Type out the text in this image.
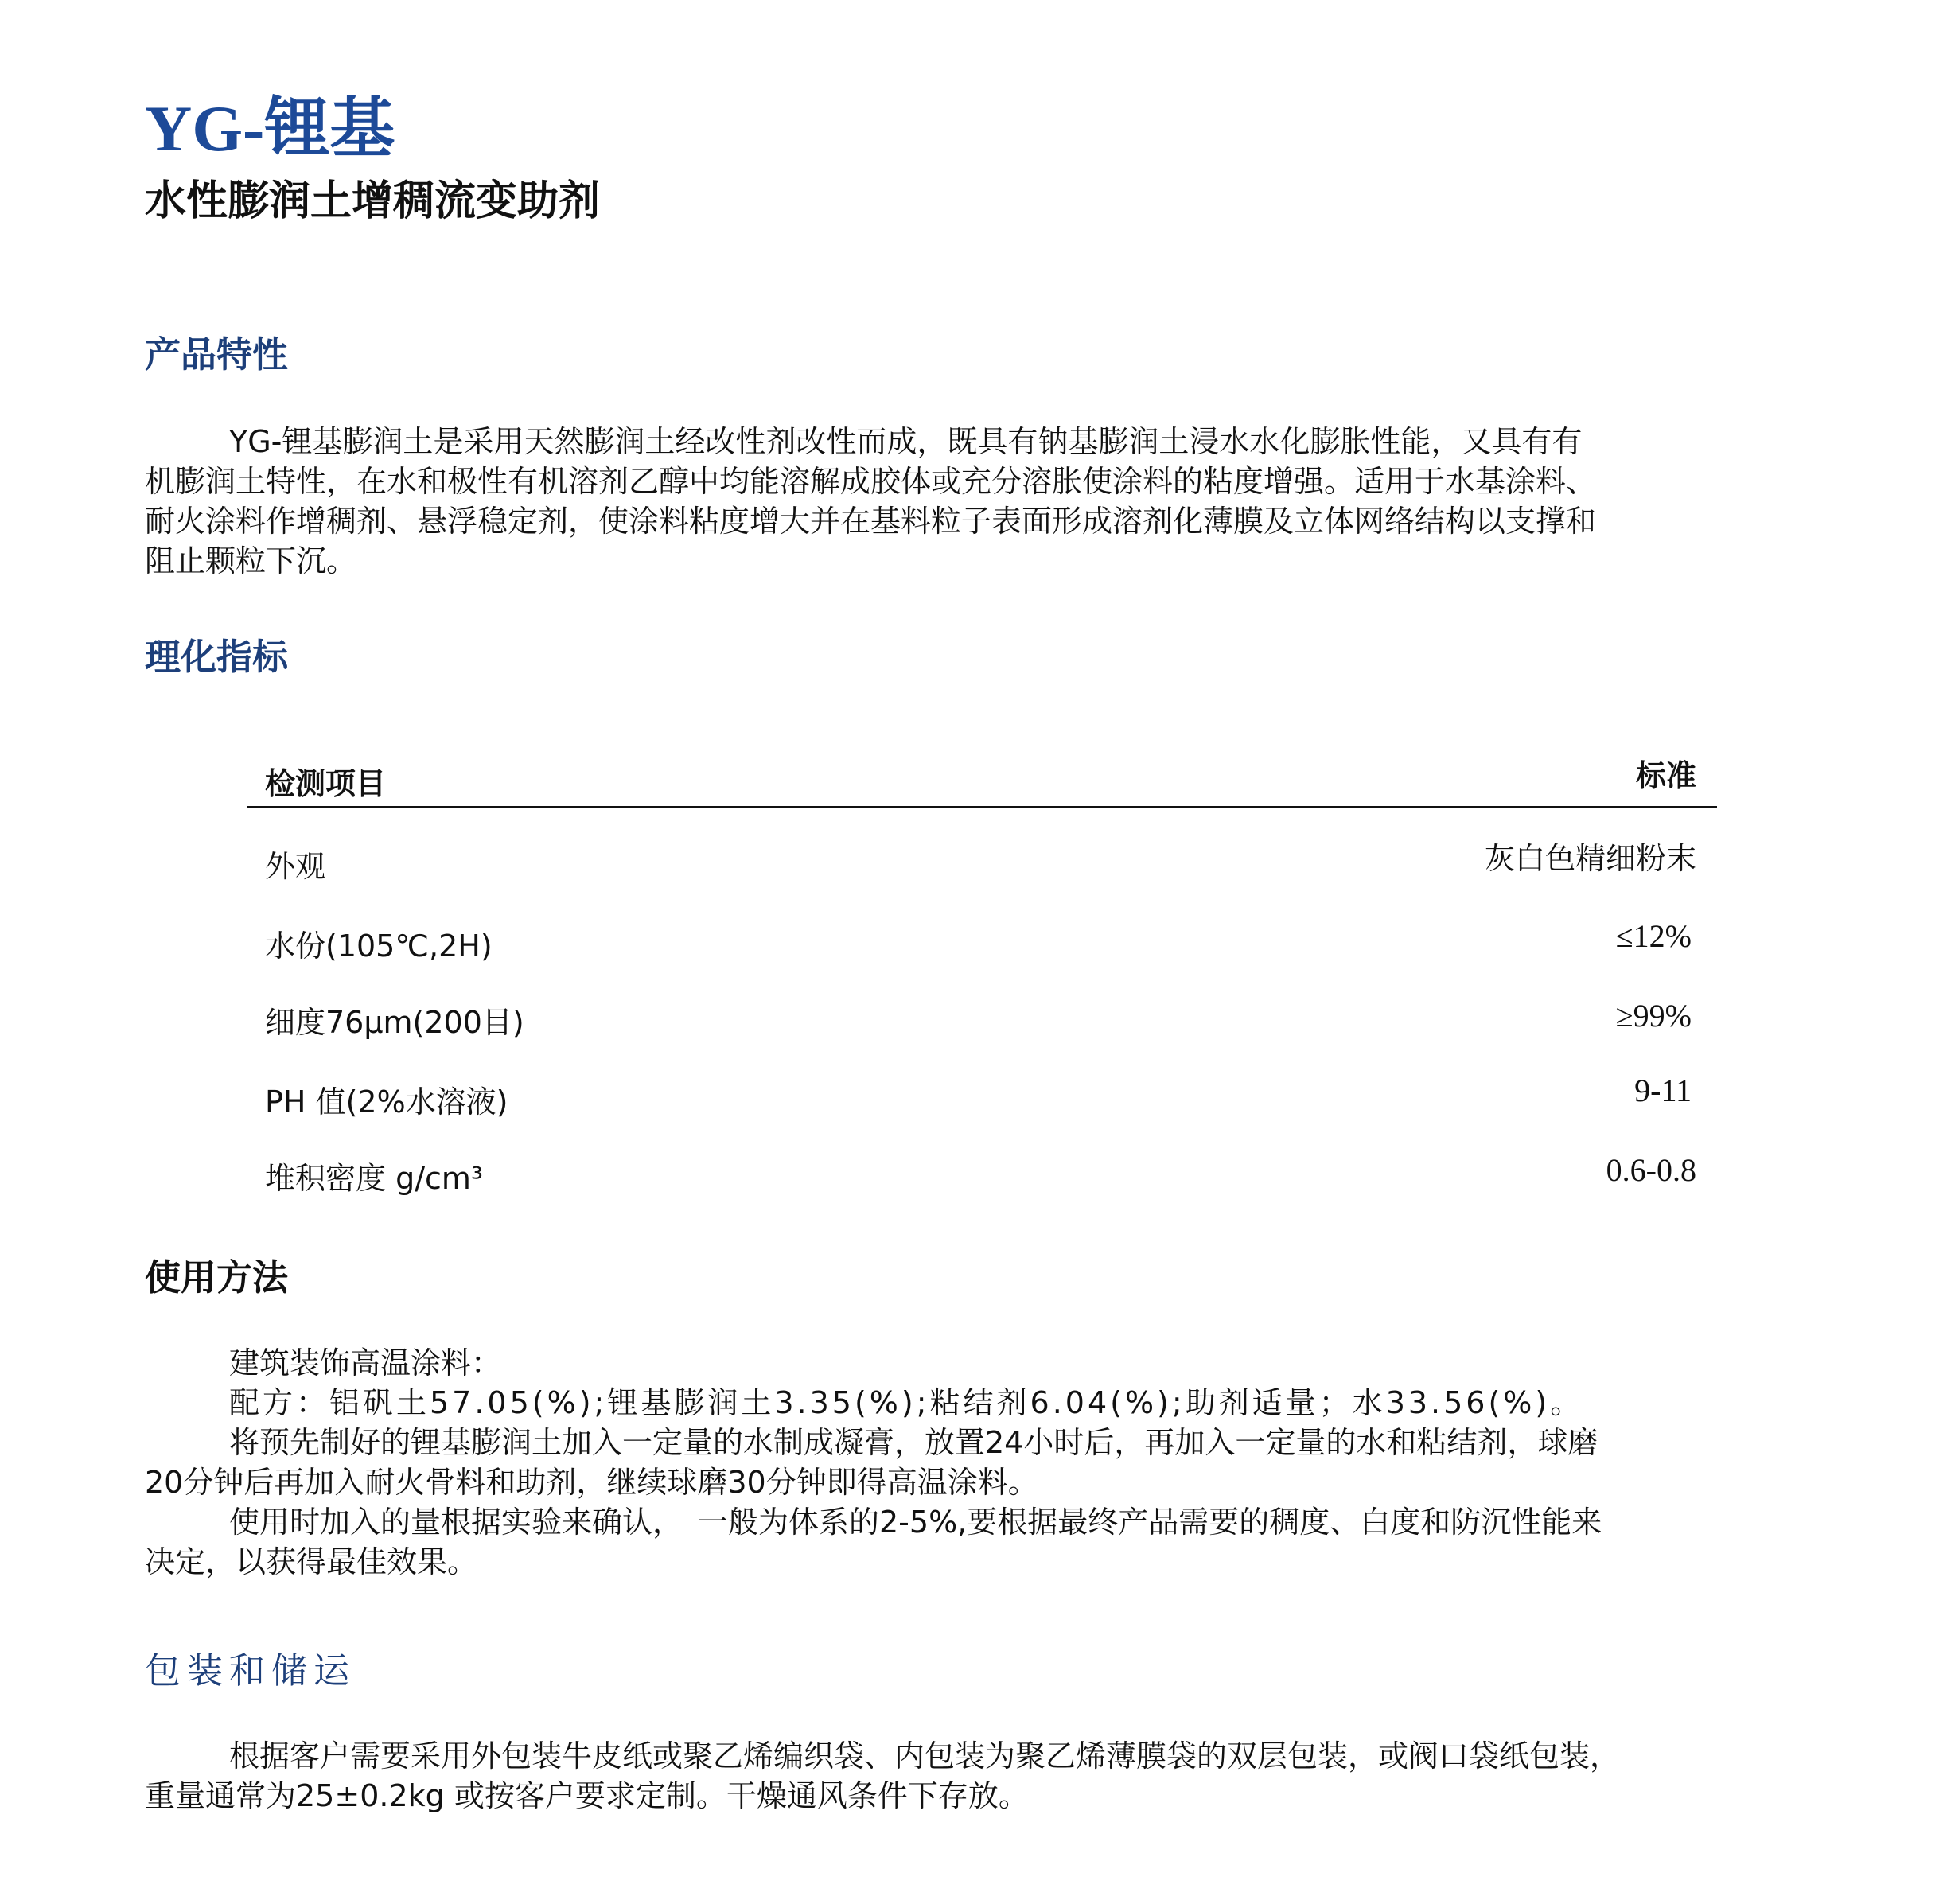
YG-锂基
水性膨润土增稠流变助剂
产品特性
YG-锂基膨润土是采用天然膨润土经改性剂改性而成，既具有钠基膨润土浸水水化膨胀性能，又具有有
机膨润土特性，在水和极性有机溶剂乙醇中均能溶解成胶体或充分溶胀使涂料的粘度增强。适用于水基涂料、
耐火涂料作增稠剂、悬浮稳定剂，使涂料粘度增大并在基料粒子表面形成溶剂化薄膜及立体网络结构以支撑和
阻止颗粒下沉。
理化指标
检测项目	标准
外观	灰白色精细粉末
水份(105℃,2H)	≤12%
细度76μm(200目)	≥99%
PH 值(2%水溶液)	9-11
堆积密度 g/cm³	0.6-0.8
使用方法
建筑装饰高温涂料：
配方：铝矾土57.05(%);锂基膨润土3.35(%);粘结剂6.04(%);助剂适量；水33.56(%)。
将预先制好的锂基膨润土加入一定量的水制成凝膏，放置24小时后，再加入一定量的水和粘结剂，球磨
20分钟后再加入耐火骨料和助剂，继续球磨30分钟即得高温涂料。
使用时加入的量根据实验来确认，　一般为体系的2-5%,要根据最终产品需要的稠度、白度和防沉性能来
决定，以获得最佳效果。
包装和储运
根据客户需要采用外包装牛皮纸或聚乙烯编织袋、内包装为聚乙烯薄膜袋的双层包装，或阀口袋纸包装，
重量通常为25±0.2kg 或按客户要求定制。干燥通风条件下存放。
